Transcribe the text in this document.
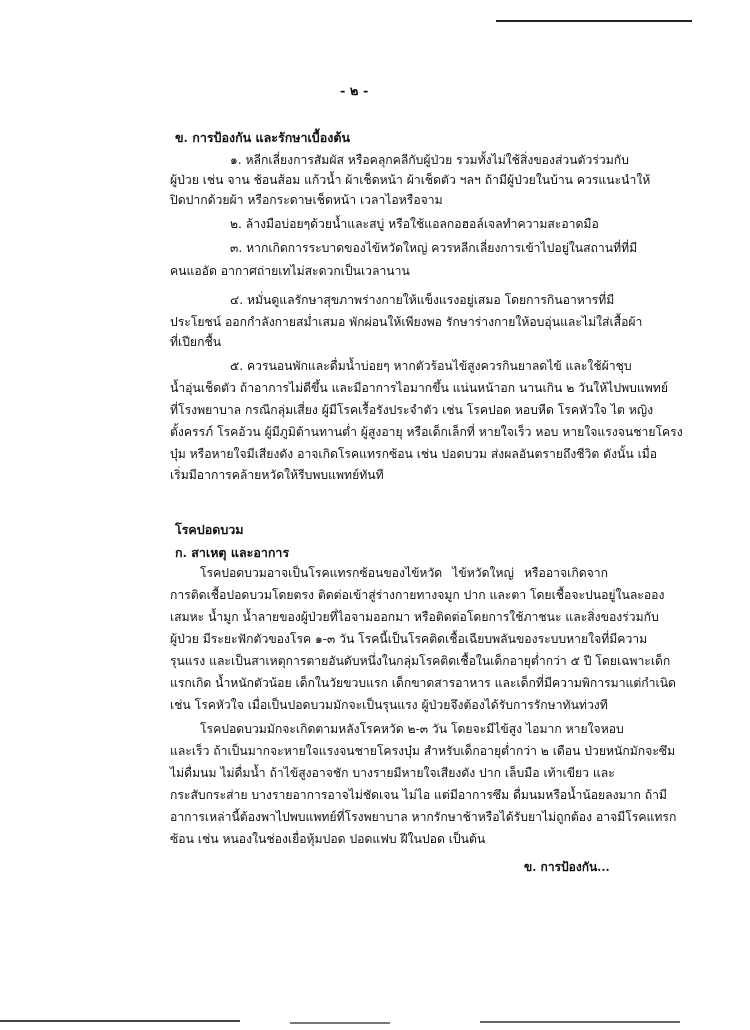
- ๒ -
ข. การป้องกัน และรักษาเบื้องต้น
๑. หลีกเลี่ยงการสัมผัส หรือคลุกคลีกับผู้ป่วย รวมทั้งไม่ใช้สิ่งของส่วนตัวร่วมกับ
ผู้ป่วย เช่น จาน ช้อนส้อม แก้วน้ำ ผ้าเช็ดหน้า ผ้าเช็ดตัว ฯลฯ ถ้ามีผู้ป่วยในบ้าน ควรแนะนำให้
ปิดปากด้วยผ้า หรือกระดาษเช็ดหน้า เวลาไอหรือจาม
๒. ล้างมือบ่อยๆด้วยน้ำและสบู่ หรือใช้แอลกอฮอล์เจลทำความสะอาดมือ
๓. หากเกิดการระบาดของไข้หวัดใหญ่ ควรหลีกเลี่ยงการเข้าไปอยู่ในสถานที่ที่มี
คนแออัด อากาศถ่ายเทไม่สะดวกเป็นเวลานาน
๔. หมั่นดูแลรักษาสุขภาพร่างกายให้แข็งแรงอยู่เสมอ โดยการกินอาหารที่มี
ประโยชน์ ออกกำลังกายสม่ำเสมอ พักผ่อนให้เพียงพอ รักษาร่างกายให้อบอุ่นและไม่ใส่เสื้อผ้า
ที่เปียกชื้น
๕. ควรนอนพักและดื่มน้ำบ่อยๆ หากตัวร้อนไข้สูงควรกินยาลดไข้ และใช้ผ้าชุบ
น้ำอุ่นเช็ดตัว ถ้าอาการไม่ดีขึ้น และมีอาการไอมากขึ้น แน่นหน้าอก นานเกิน ๒ วันให้ไปพบแพทย์
ที่โรงพยาบาล กรณีกลุ่มเสี่ยง ผู้มีโรคเรื้อรังประจำตัว เช่น โรคปอด หอบหืด โรคหัวใจ ไต หญิง
ตั้งครรภ์ โรคอ้วน ผู้มีภูมิต้านทานต่ำ ผู้สูงอายุ หรือเด็กเล็กที่ หายใจเร็ว หอบ หายใจแรงจนชายโครง
บุ๋ม หรือหายใจมีเสียงดัง อาจเกิดโรคแทรกซ้อน เช่น ปอดบวม ส่งผลอันตรายถึงชีวิต ดังนั้น เมื่อ
เริ่มมีอาการคล้ายหวัดให้รีบพบแพทย์ทันที
โรคปอดบวม
ก. สาเหตุ และอาการ
โรคปอดบวมอาจเป็นโรคแทรกซ้อนของไข้หวัด ไข้หวัดใหญ่ หรืออาจเกิดจาก
การติดเชื้อปอดบวมโดยตรง ติดต่อเข้าสู่ร่างกายทางจมูก ปาก และตา โดยเชื้อจะปนอยู่ในละออง
เสมหะ น้ำมูก น้ำลายของผู้ป่วยที่ไอจามออกมา หรือติดต่อโดยการใช้ภาชนะ และสิ่งของร่วมกับ
ผู้ป่วย มีระยะฟักตัวของโรค ๑-๓ วัน โรคนี้เป็นโรคติดเชื้อเฉียบพลันของระบบหายใจที่มีความ
รุนแรง และเป็นสาเหตุการตายอันดับหนึ่งในกลุ่มโรคติดเชื้อในเด็กอายุต่ำกว่า ๕ ปี โดยเฉพาะเด็ก
แรกเกิด น้ำหนักตัวน้อย เด็กในวัยขวบแรก เด็กขาดสารอาหาร และเด็กที่มีความพิการมาแต่กำเนิด
เช่น โรคหัวใจ เมื่อเป็นปอดบวมมักจะเป็นรุนแรง ผู้ป่วยจึงต้องได้รับการรักษาทันท่วงที
โรคปอดบวมมักจะเกิดตามหลังโรคหวัด ๒-๓ วัน โดยจะมีไข้สูง ไอมาก หายใจหอบ
และเร็ว ถ้าเป็นมากจะหายใจแรงจนชายโครงบุ๋ม สำหรับเด็กอายุต่ำกว่า ๒ เดือน ป่วยหนักมักจะซึม
ไม่ดื่มนม ไม่ดื่มน้ำ ถ้าไข้สูงอาจชัก บางรายมีหายใจเสียงดัง ปาก เล็บมือ เท้าเขียว และ
กระสับกระส่าย บางรายอาการอาจไม่ชัดเจน ไม่ไอ แต่มีอาการซึม ดื่มนมหรือน้ำน้อยลงมาก ถ้ามี
อาการเหล่านี้ต้องพาไปพบแพทย์ที่โรงพยาบาล หากรักษาช้าหรือได้รับยาไม่ถูกต้อง อาจมีโรคแทรก
ซ้อน เช่น หนองในช่องเยื่อหุ้มปอด ปอดแฟบ ฝีในปอด เป็นต้น
ข. การป้องกัน...
